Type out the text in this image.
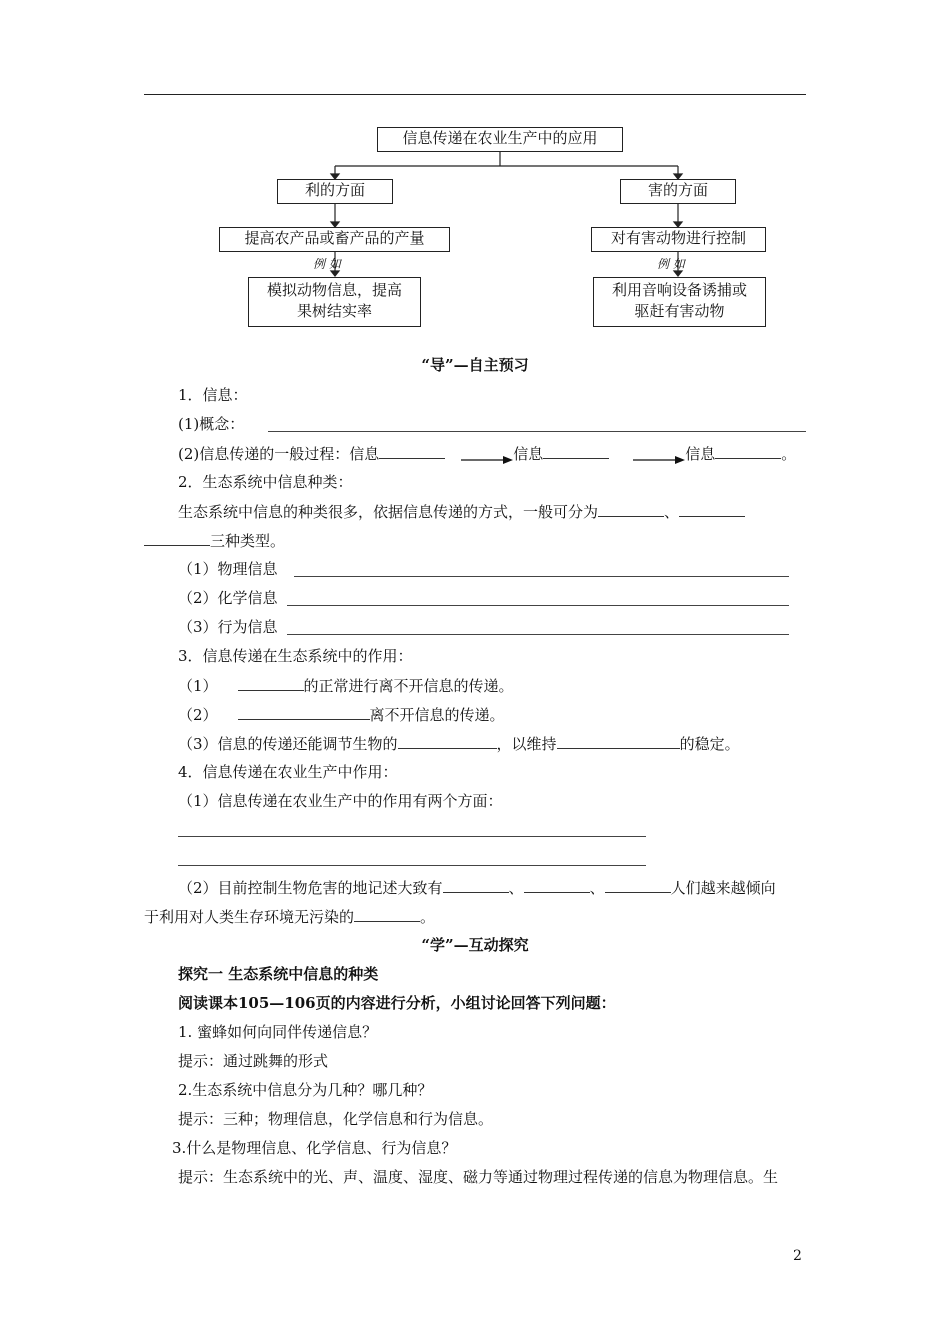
信息传递在农业生产中的应用
利的方面	害的方面
提高农产品或畜产品的产量	对有害动物进行控制
例 如	例 如
模拟动物信息，提高
果树结实率
利用音响设备诱捕或
驱赶有害动物
“导”—自主预习
1．信息：
(1)概念：
(2)信息传递的一般过程：信息	信息	信息	。
2．生态系统中信息种类：
生态系统中信息的种类很多，依据信息传递的方式，一般可分为	、
三种类型。
（1）物理信息
（2）化学信息
（3）行为信息
3．信息传递在生态系统中的作用：
（1）	的正常进行离不开信息的传递。
（2）	离不开信息的传递。
（3）信息的传递还能调节生物的	，以维持	的稳定。
4．信息传递在农业生产中作用：
（1）信息传递在农业生产中的作用有两个方面：
（2）目前控制生物危害的地记述大致有	、	、	人们越来越倾向
于利用对人类生存环境无污染的	。
“学”—互动探究
探究一 生态系统中信息的种类
阅读课本105—106页的内容进行分析，小组讨论回答下列问题：
1. 蜜蜂如何向同伴传递信息？
提示：通过跳舞的形式
2.生态系统中信息分为几种？哪几种？
提示：三种；物理信息，化学信息和行为信息。
3.什么是物理信息、化学信息、行为信息？
提示：生态系统中的光、声、温度、湿度、磁力等通过物理过程传递的信息为物理信息。生
2
